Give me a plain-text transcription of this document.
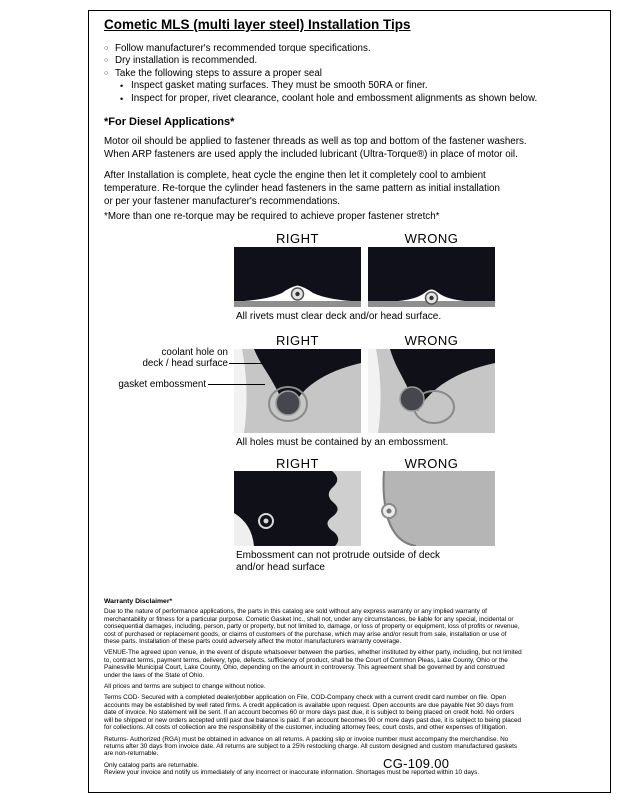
Cometic MLS (multi layer steel) Installation Tips
○ Follow manufacturer's recommended torque specifications.
○ Dry installation is recommended.
○ Take the following steps to assure a proper seal
• Inspect gasket mating surfaces. They must be smooth 50RA or finer.
• Inspect for proper, rivet clearance, coolant hole and embossment alignments as shown below.
*For Diesel Applications*
Motor oil should be applied to fastener threads as well as top and bottom of the fastener washers.
When ARP fasteners are used apply the included lubricant (Ultra-Torque®) in place of motor oil.
After Installation is complete, heat cycle the engine then let it completely cool to ambient
temperature. Re-torque the cylinder head fasteners in the same pattern as initial installation
or per your fastener manufacturer's recommendations.
*More than one re-torque may be required to achieve proper fastener stretch*
RIGHT	WRONG
All rivets must clear deck and/or head surface.
RIGHT	WRONG
coolant hole on
deck / head surface
gasket embossment
All holes must be contained by an embossment.
RIGHT	WRONG
Embossment can not protrude outside of deck
and/or head surface
Warranty Disclaimer*

Due to the nature of performance applications, the parts in this catalog are sold without any express warranty or any implied warranty of merchantability or fitness for a particular purpose. Cometic Gasket Inc., shall not, under any circumstances, be liable for any special, incidental or consequential damages, including, person, party or property, but not limited to, damage, or loss of property or equipment, loss of profits or revenue, cost of purchased or replacement goods, or claims of customers of the purchase, which may arise and/or result from sale, installation or use of these parts. Installation of these parts could adversely affect the motor manufacturers warranty coverage.

VENUE-The agreed upon venue, in the event of dispute whatsoever between the parties, whether instituted by either party, including, but not limited to, contract terms, payment terms, delivery, type, defects, sufficiency of product, shall be the Court of Common Pleas, Lake County, Ohio or the Painesville Municipal Court, Lake County, Ohio, depending on the amount in controversy. This agreement shall be governed by and construed under the laws of the State of Ohio.

All prices and terms are subject to change without notice.

Terms COD- Secured with a completed dealer/jobber application on File, COD-Company check with a current credit card number on file. Open accounts may be established by well rated firms. A credit application is available upon request. Open accounts are due payable Net 30 days from date of invoice. No statement will be sent. If an account becomes 60 or more days past due, it is subject to being placed on credit hold. No orders will be shipped or new orders accepted until past due balance is paid. If an account becomes 90 or more days past due, it is subject to being placed for collections. All costs of collection are the responsibility of the customer, including attorney fees, court costs, and other expenses of litigation.

Returns- Authorized (RGA) must be obtained in advance on all returns. A packing slip or invoice number must accompany the merchandise. No returns after 30 days from invoice date. All returns are subject to a 25% restocking charge. All custom designed and custom manufactured gaskets are non-returnable.

Only catalog parts are returnable.

Review your invoice and notify us immediately of any incorrect or inaccurate information. Shortages must be reported within 10 days.

CG-109.00
